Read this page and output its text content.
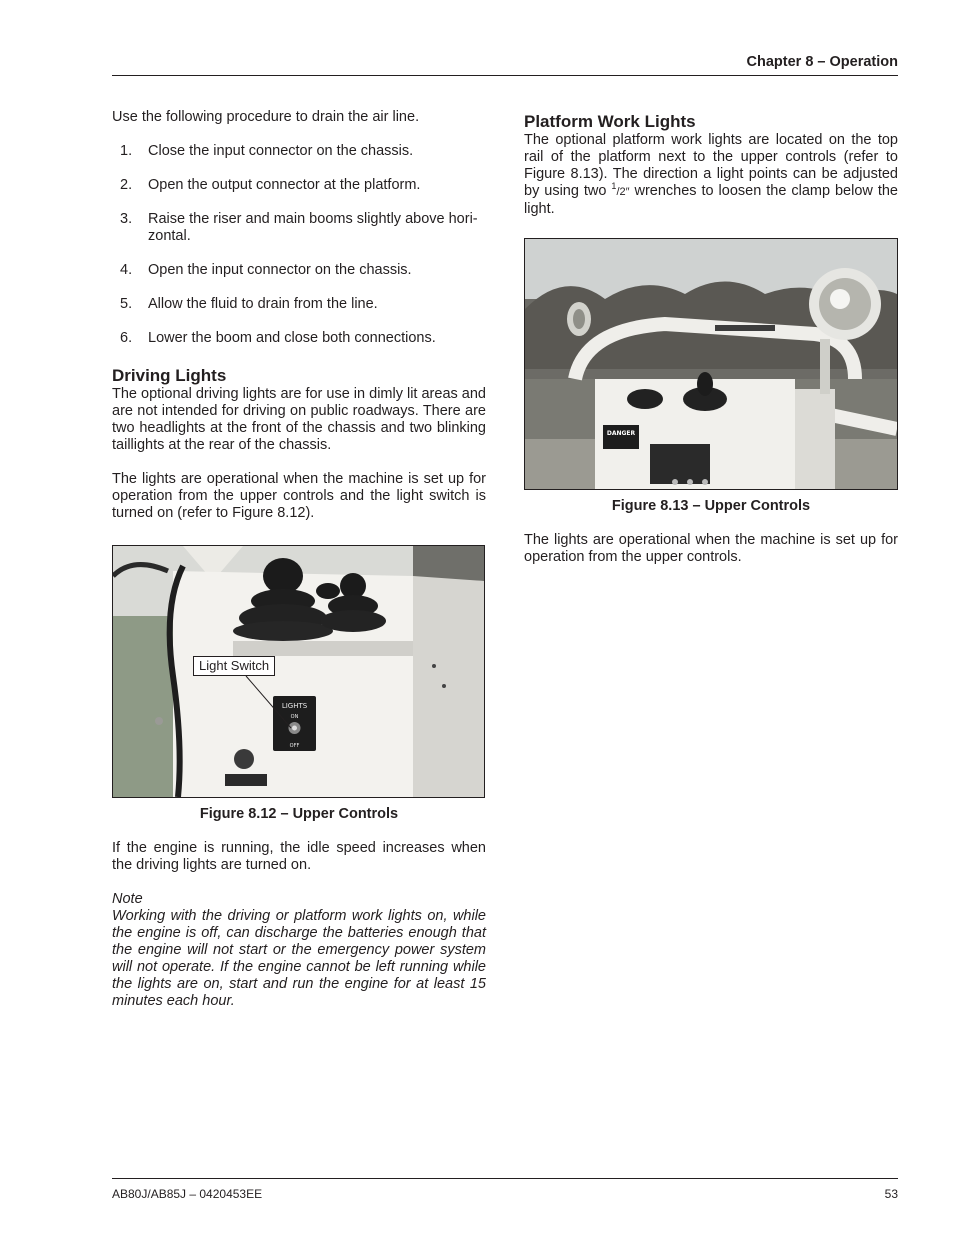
Chapter 8 – Operation

Use the following procedure to drain the air line.

1.	Close the input connector on the chassis.
2.	Open the output connector at the platform.
3.	Raise the riser and main booms slightly above hori-zontal.
4.	Open the input connector on the chassis.
5.	Allow the fluid to drain from the line.
6.	Lower the boom and close both connections.
Driving Lights

The optional driving lights are for use in dimly lit areas and are not intended for driving on public roadways. There are two headlights at the front of the chassis and two blinking taillights at the rear of the chassis.

The lights are operational when the machine is set up for operation from the upper controls and the light switch is turned on (refer to Figure 8.12).

LIGHTS
ON
OFF
Light Switch
Figure 8.12 – Upper Controls

If the engine is running, the idle speed increases when the driving lights are turned on.

Note

Working with the driving or platform work lights on, while the engine is off, can discharge the batteries enough that the engine will not start or the emergency power system will not operate. If the engine cannot be left running while the lights are on, start and run the engine for at least 15 minutes each hour.

Platform Work Lights

The optional platform work lights are located on the top rail of the platform next to the upper controls (refer to Figure 8.13). The direction a light points can be adjusted by using two $^1$/2″ wrenches to loosen the clamp below the light.

DANGER
Figure 8.13 – Upper Controls

The lights are operational when the machine is set up for operation from the upper controls.

AB80J/AB85J – 0420453EE	53
